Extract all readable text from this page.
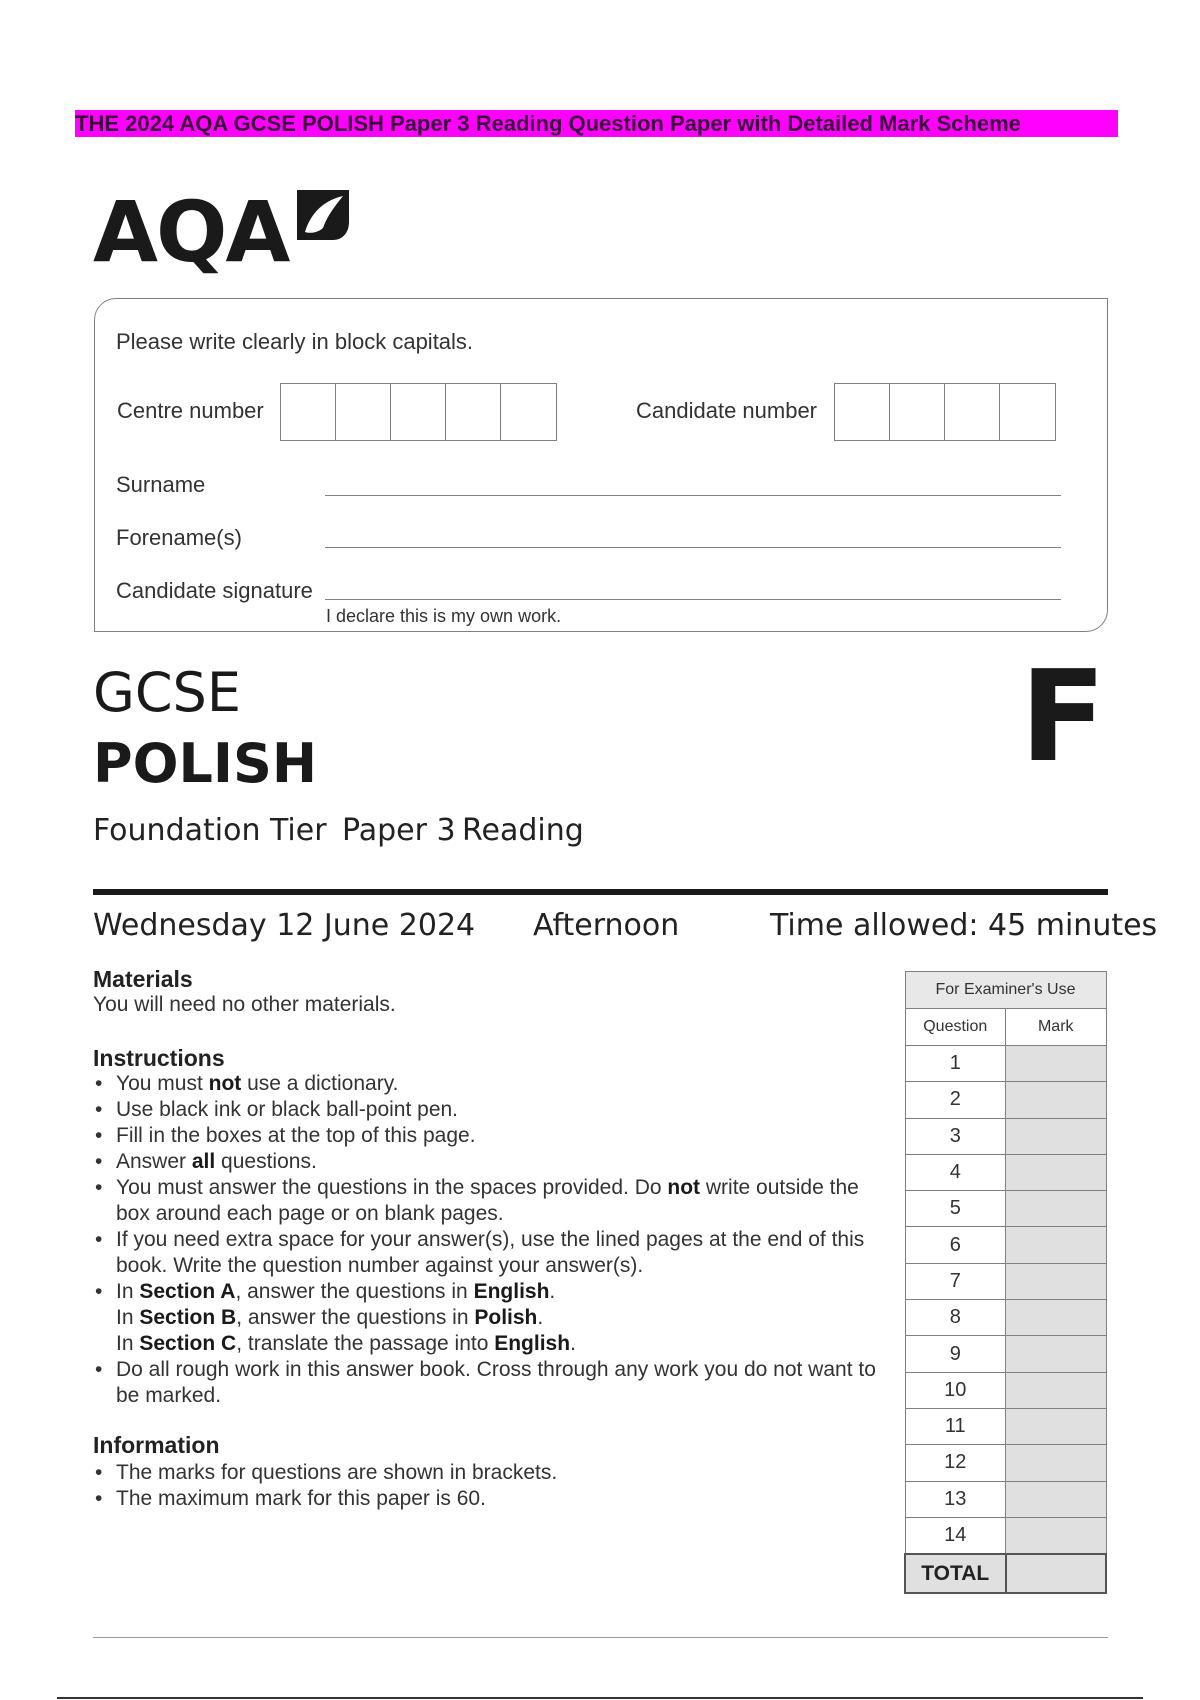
THE 2024 AQA GCSE POLISH Paper 3 Reading Question Paper with Detailed Mark Scheme
AQA
Please write clearly in block capitals.
Centre number	Candidate number
Surname
Forename(s)
Candidate signature
I declare this is my own work.
GCSE
POLISH	F
Foundation Tier Paper 3 Reading
Wednesday 12 June 2024 Afternoon	Time allowed: 45 minutes
Materials
You will need no other materials.
Instructions
• You must not use a dictionary.
• Use black ink or black ball-point pen.
• Fill in the boxes at the top of this page.
• Answer all questions.
• You must answer the questions in the spaces provided. Do not write outside the box around each page or on blank pages.
• If you need extra space for your answer(s), use the lined pages at the end of this book. Write the question number against your answer(s).
• In Section A, answer the questions in English.
In Section B, answer the questions in Polish.
In Section C, translate the passage into English.
• Do all rough work in this answer book. Cross through any work you do not want to be marked.
Information
• The marks for questions are shown in brackets.
• The maximum mark for this paper is 60.
For Examiner's Use	
Question	Mark
1	
2	
3	
4	
5	
6	
7	
8	
9	
10	
11	
12	
13	
14	
TOTAL	
